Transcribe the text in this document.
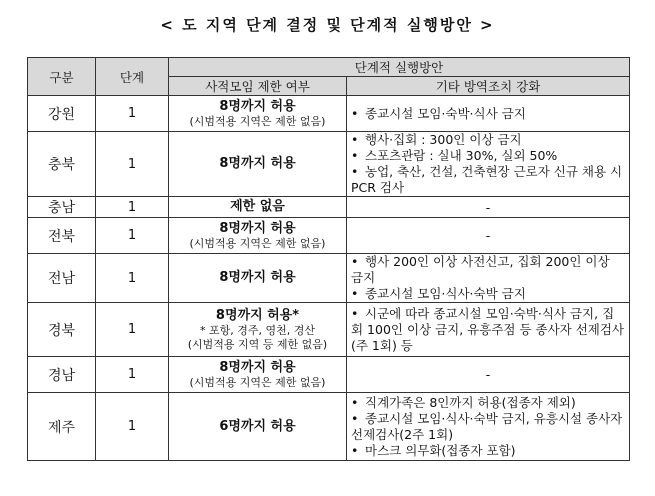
< 도 지역 단계 결정 및 단계적 실행방안 >
구분	단계	단계적 실행방안	
		사적모임 제한 여부	기타 방역조치 강화
강원	1	8명까지 허용
(시범적용 지역은 제한 없음)	• 종교시설 모임·숙박·식사 금지

충북	1	8명까지 허용	• 행사·집회 : 300인 이상 금지
• 스포츠관람 : 실내 30%, 실외 50%
• 농업, 축산, 건설, 건축현장 근로자 신규 채용 시 PCR 검사

충남	1	제한 없음	-

전북	1	8명까지 허용
(시범적용 지역은 제한 없음)	-

전남	1	8명까지 허용	• 행사 200인 이상 사전신고, 집회 200인 이상 금지
• 종교시설 모임·식사·숙박 금지

경북	1	8명까지 허용*
* 포항, 경주, 영천, 경산
(시범적용 지역 등 제한 없음)	• 시군에 따라 종교시설 모임·숙박·식사 금지, 집회 100인 이상 금지, 유흥주점 등 종사자 선제검사(주 1회) 등

경남	1	8명까지 허용
(시범적용 지역은 제한 없음)	-

제주	1	6명까지 허용	• 직계가족은 8인까지 허용(접종자 제외)
• 종교시설 모임·식사·숙박 금지, 유흥시설 종사자 선제검사(2주 1회)
• 마스크 의무화(접종자 포함)
